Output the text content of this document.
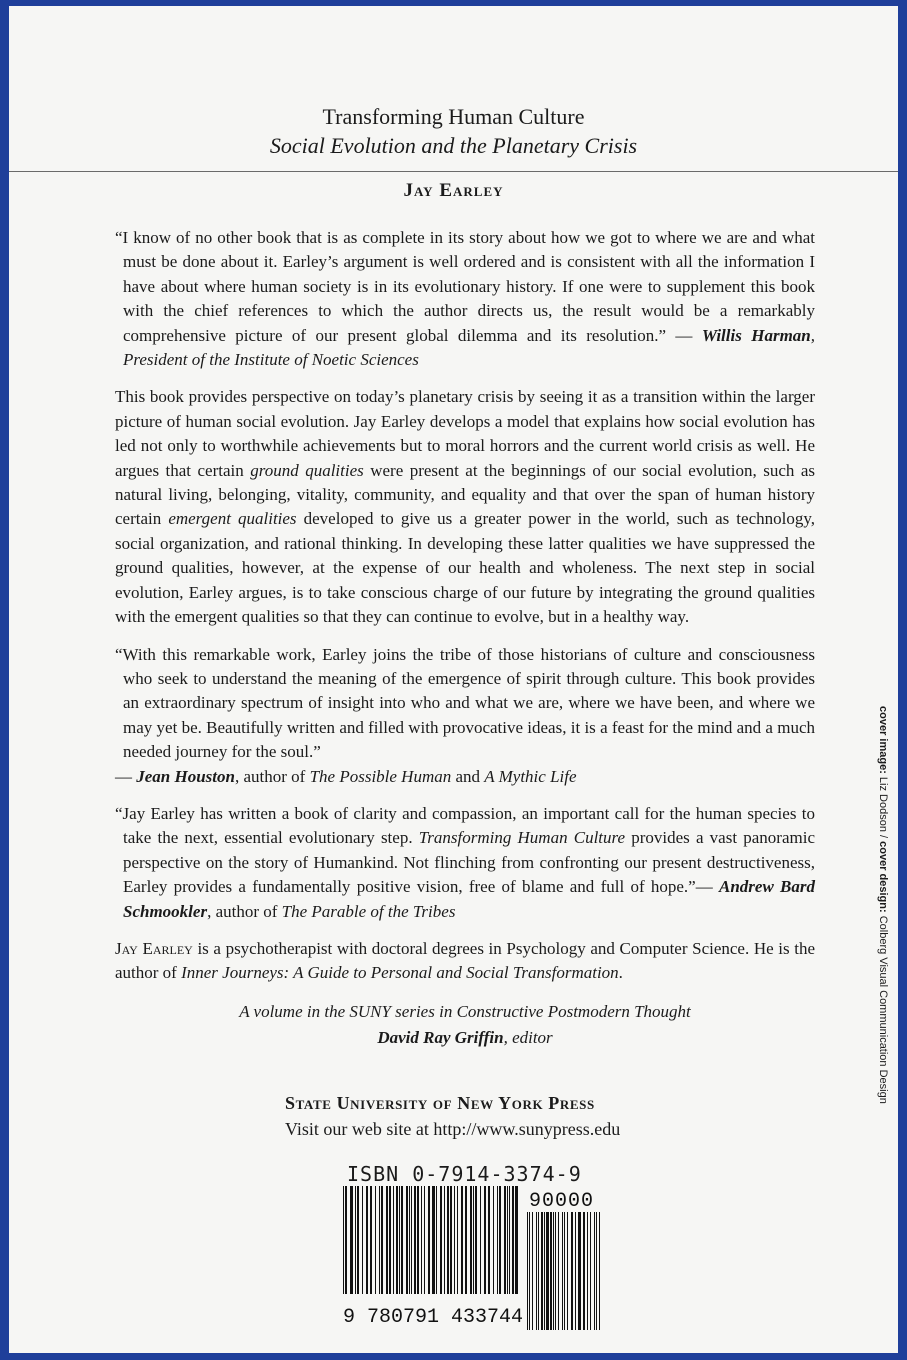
Transforming Human Culture
Social Evolution and the Planetary Crisis
Jay Earley

“I know of no other book that is as complete in its story about how we got to where we are and what must be done about it. Earley’s argument is well ordered and is consistent with all the information I have about where human society is in its evolutionary history. If one were to supplement this book with the chief references to which the author directs us, the result would be a remarkably comprehensive picture of our present global dilemma and its resolution.” — Willis Harman, President of the Institute of Noetic Sciences

This book provides perspective on today’s planetary crisis by seeing it as a transition within the larger picture of human social evolution. Jay Earley develops a model that explains how social evolution has led not only to worthwhile achievements but to moral horrors and the current world crisis as well. He argues that certain ground qualities were present at the beginnings of our social evolution, such as natural living, belonging, vitality, community, and equality and that over the span of human history certain emergent qualities developed to give us a greater power in the world, such as technology, social organization, and rational thinking. In developing these latter qualities we have suppressed the ground qualities, however, at the expense of our health and wholeness. The next step in social evolution, Earley argues, is to take conscious charge of our future by integrating the ground qualities with the emergent qualities so that they can continue to evolve, but in a healthy way.

“With this remarkable work, Earley joins the tribe of those historians of culture and consciousness who seek to understand the meaning of the emergence of spirit through culture. This book provides an extraordinary spectrum of insight into who and what we are, where we have been, and where we may yet be. Beautifully written and filled with provocative ideas, it is a feast for the mind and a much needed journey for the soul.”
— Jean Houston, author of The Possible Human and A Mythic Life

“Jay Earley has written a book of clarity and compassion, an important call for the human species to take the next, essential evolutionary step. Transforming Human Culture provides a vast panoramic perspective on the story of Humankind. Not flinching from confronting our present destructiveness, Earley provides a fundamentally positive vision, free of blame and full of hope.”— Andrew Bard Schmookler, author of The Parable of the Tribes

Jay Earley is a psychotherapist with doctoral degrees in Psychology and Computer Science. He is the author of Inner Journeys: A Guide to Personal and Social Transformation.

A volume in the SUNY series in Constructive Postmodern Thought
David Ray Griffin, editor
State University of New York Press
Visit our web site at http://www.sunypress.edu
cover image: Liz Dodson / cover design: Colberg Visual Communication Design
ISBN 0-7914-3374-9
9 780791 433744
90000
